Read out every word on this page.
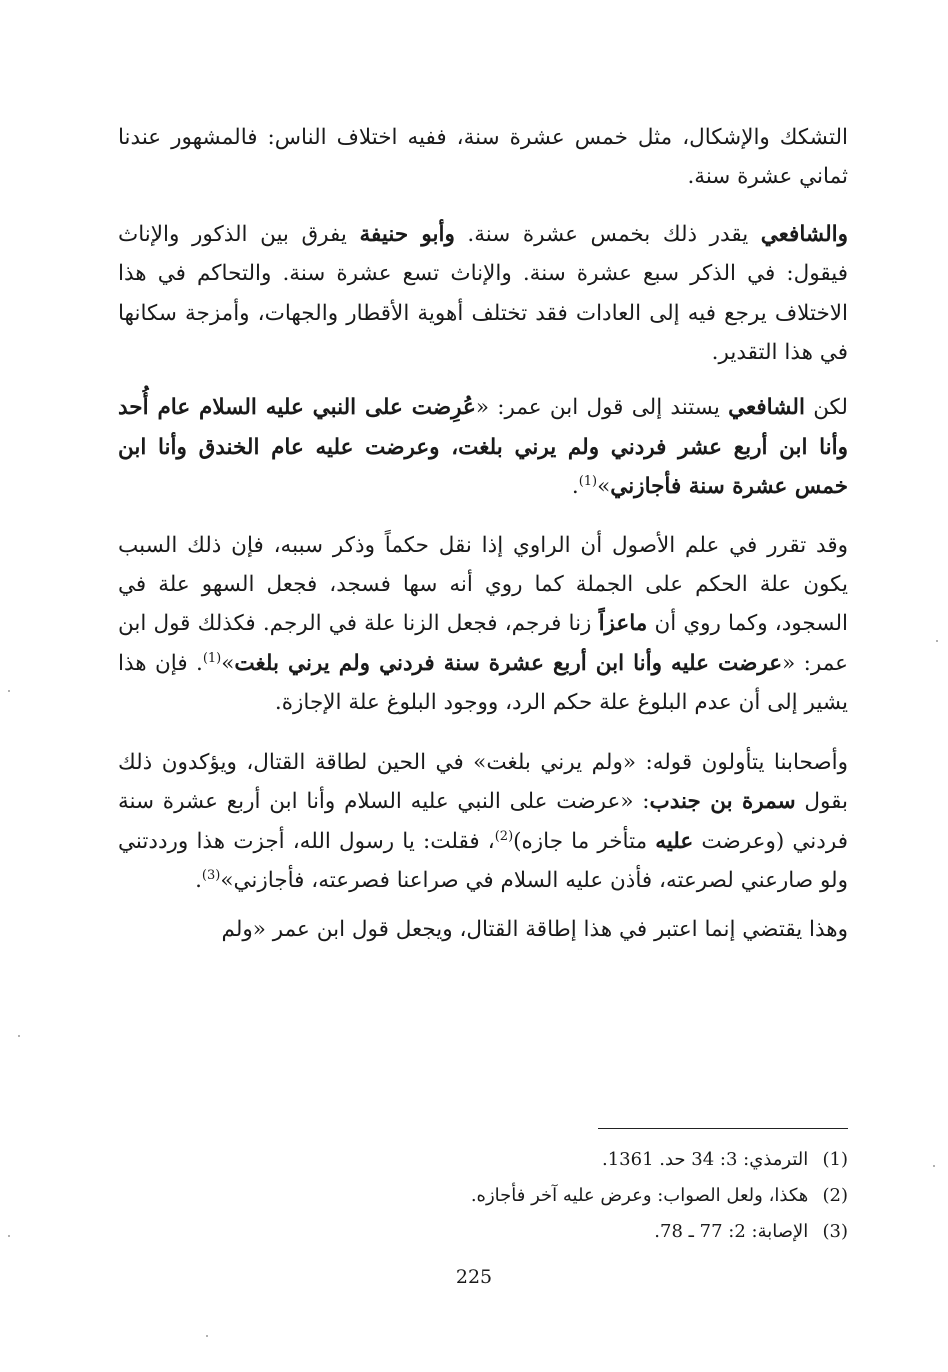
التشكك والإشكال، مثل خمس عشرة سنة، ففيه اختلاف الناس: فالمشهور عندنا ثماني عشرة سنة.

والشافعي يقدر ذلك بخمس عشرة سنة. وأبو حنيفة يفرق بين الذكور والإناث فيقول: في الذكر سبع عشرة سنة. والإناث تسع عشرة سنة. والتحاكم في هذا الاختلاف يرجع فيه إلى العادات فقد تختلف أهوية الأقطار والجهات، وأمزجة سكانها في هذا التقدير.

لكن الشافعي يستند إلى قول ابن عمر: «عُرِضت على النبي عليه السلام عام أُحد وأنا ابن أربع عشر فردني ولم يرني بلغت، وعرضت عليه عام الخندق وأنا ابن خمس عشرة سنة فأجازني»$^{(1)}$.

وقد تقرر في علم الأصول أن الراوي إذا نقل حكماً وذكر سببه، فإن ذلك السبب يكون علة الحكم على الجملة كما روي أنه سها فسجد، فجعل السهو علة في السجود، وكما روي أن ماعزاً زنا فرجم، فجعل الزنا علة في الرجم. فكذلك قول ابن عمر: «عرضت عليه وأنا ابن أربع عشرة سنة فردني ولم يرني بلغت»$^{(1)}$. فإن هذا يشير إلى أن عدم البلوغ علة حكم الرد، ووجود البلوغ علة الإجازة.

وأصحابنا يتأولون قوله: «ولم يرني بلغت» في الحين لطاقة القتال، ويؤكدون ذلك بقول سمرة بن جندب: «عرضت على النبي عليه السلام وأنا ابن أربع عشرة سنة فردني (وعرضت عليه متأخر ما جازه)$^{(2)}$، فقلت: يا رسول الله، أجزت هذا ورددتني ولو صارعني لصرعته، فأذن عليه السلام في صراعنا فصرعته، فأجازني»$^{(3)}$.

وهذا يقتضي إنما اعتبر في هذا إطاقة القتال، ويجعل قول ابن عمر «ولم

(1) الترمذي: 3: 34 حد. 1361.
(2) هكذا، ولعل الصواب: وعرض عليه آخر فأجازه.
(3) الإصابة: 2: 77 ـ 78.
225
